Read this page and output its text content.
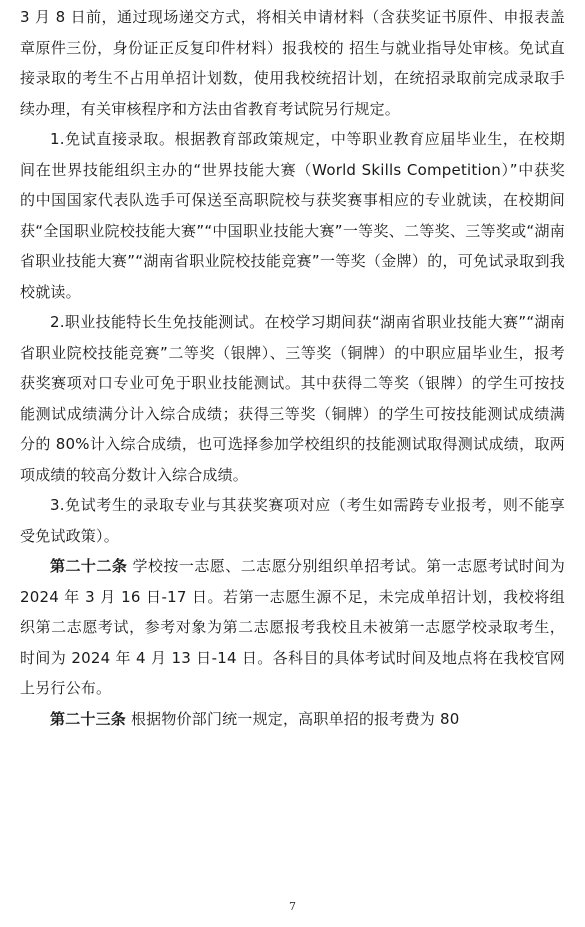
3 月 8 日前，通过现场递交方式，将相关申请材料（含获奖证书原件、申报表盖章原件三份，身份证正反复印件材料）报我校的 招生与就业指导处审核。免试直接录取的考生不占用单招计划数，使用我校统招计划，在统招录取前完成录取手续办理，有关审核程序和方法由省教育考试院另行规定。

1.免试直接录取。根据教育部政策规定，中等职业教育应届毕业生，在校期间在世界技能组织主办的“世界技能大赛（World Skills Competition）”中获奖的中国国家代表队选手可保送至高职院校与获奖赛事相应的专业就读，在校期间获“全国职业院校技能大赛”“中国职业技能大赛”一等奖、二等奖、三等奖或“湖南省职业技能大赛”“湖南省职业院校技能竞赛”一等奖（金牌）的，可免试录取到我校就读。

2.职业技能特长生免技能测试。在校学习期间获“湖南省职业技能大赛”“湖南省职业院校技能竞赛”二等奖（银牌）、三等奖（铜牌）的中职应届毕业生，报考获奖赛项对口专业可免于职业技能测试。其中获得二等奖（银牌）的学生可按技能测试成绩满分计入综合成绩；获得三等奖（铜牌）的学生可按技能测试成绩满分的 80%计入综合成绩，也可选择参加学校组织的技能测试取得测试成绩，取两项成绩的较高分数计入综合成绩。

3.免试考生的录取专业与其获奖赛项对应（考生如需跨专业报考，则不能享受免试政策）。

第二十二条 学校按一志愿、二志愿分别组织单招考试。第一志愿考试时间为 2024 年 3 月 16 日-17 日。若第一志愿生源不足，未完成单招计划，我校将组织第二志愿考试，参考对象为第二志愿报考我校且未被第一志愿学校录取考生，时间为 2024 年 4 月 13 日-14 日。各科目的具体考试时间及地点将在我校官网上另行公布。

第二十三条 根据物价部门统一规定，高职单招的报考费为 80

7
